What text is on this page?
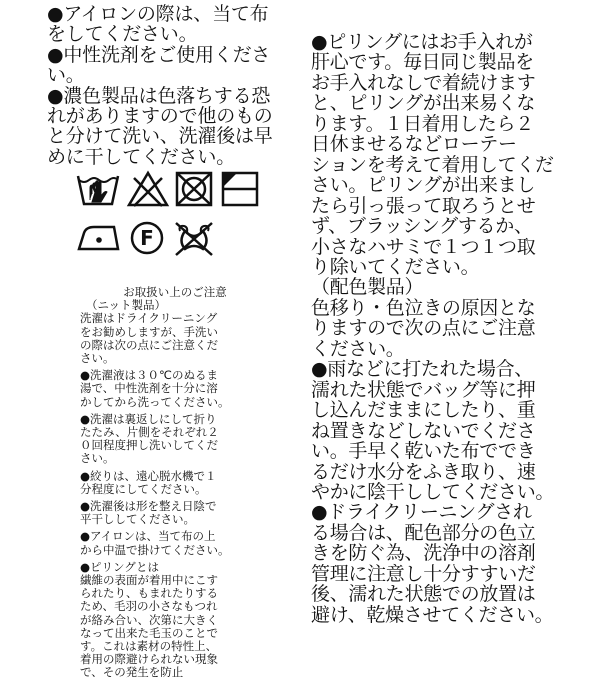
●アイロンの際は、当て布
をしてください。
●中性洗剤をご使用くださ
い。
●濃色製品は色落ちする恐
れがありますので他のもの
と分けて洗い、洗濯後は早
めに干してください。
F
お取扱い上のご注意
（ニット製品）
洗濯はドライクリーニング
をお勧めしますが、手洗い
の際は次の点にご注意くだ
さい。
●洗濯液は３０℃のぬるま
湯で、中性洗剤を十分に溶
かしてから洗ってください。
●洗濯は裏返しにして折り
たたみ、片側をそれぞれ２
０回程度押し洗いしてくだ
さい。
●絞りは、遠心脱水機で１
分程度にしてください。
●洗濯後は形を整え日陰で
平干ししてください。
●アイロンは、当て布の上
から中温で掛けてください。
●ピリングとは
繊維の表面が着用中にこす
られたり、もまれたりする
ため、毛羽の小さなもつれ
が絡み合い、次第に大きく
なって出来た毛玉のことで
す。これは素材の特性上、
着用の際避けられない現象
で、その発生を防止
●ピリングにはお手入れが
肝心です。毎日同じ製品を
お手入れなしで着続けます
と、ピリングが出来易くな
ります。１日着用したら２
日休ませるなどローテー
ションを考えて着用してくだ
さい。ピリングが出来まし
たら引っ張って取ろうとせ
ず、ブラッシングするか、
小さなハサミで１つ１つ取
り除いてください。
（配色製品）
色移り・色泣きの原因とな
りますので次の点にご注意
ください。
●雨などに打たれた場合、
濡れた状態でバッグ等に押
し込んだままにしたり、重
ね置きなどしないでくださ
い。手早く乾いた布ででき
るだけ水分をふき取り、速
やかに陰干ししてください。
●ドライクリーニングされ
る場合は、配色部分の色立
きを防ぐ為、洗浄中の溶剤
管理に注意し十分すすいだ
後、濡れた状態での放置は
避け、乾燥させてください。
